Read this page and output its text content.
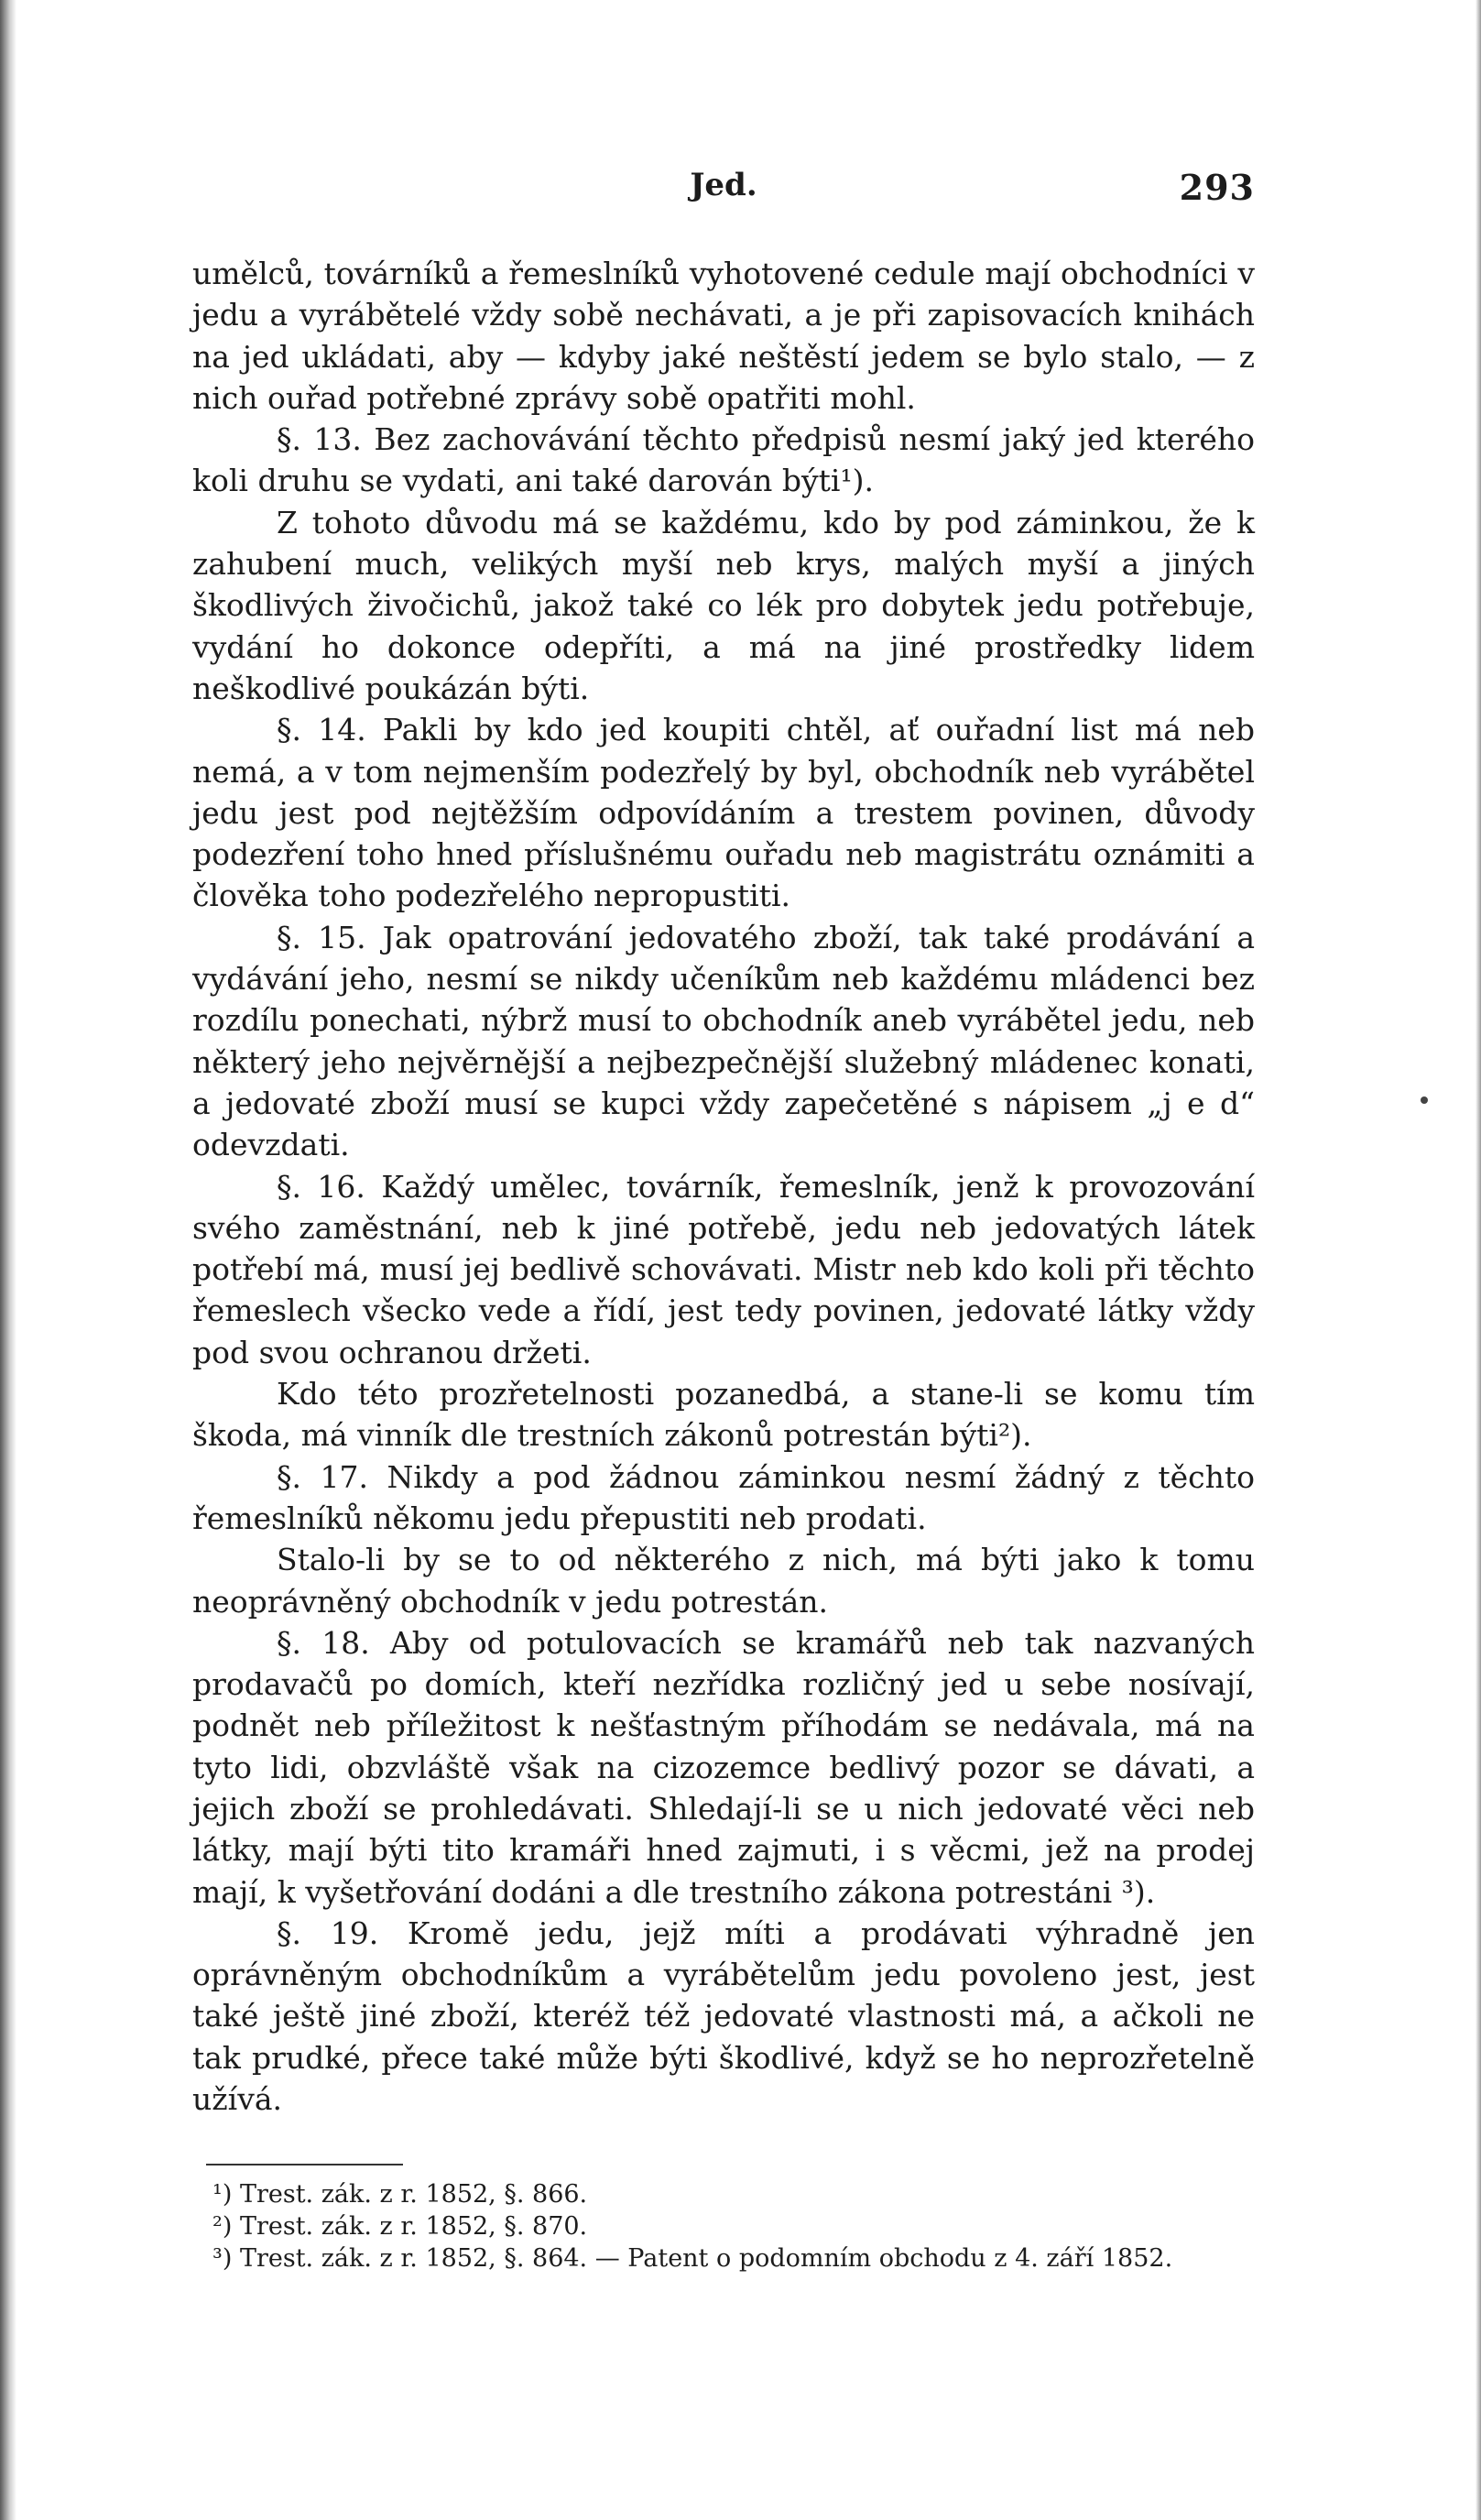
Jed.	293

umělců, továrníků a řemeslníků vyhotovené cedule mají obchodníci v jedu a vyrábětelé vždy sobě nechávati, a je při zapisovacích knihách na jed ukládati, aby — kdyby jaké neštěstí jedem se bylo stalo, — z nich ouřad potřebné zprávy sobě opatřiti mohl.

§. 13. Bez zachovávání těchto předpisů nesmí jaký jed kterého koli druhu se vydati, ani také darován býti¹).

Z tohoto důvodu má se každému, kdo by pod záminkou, že k zahubení much, velikých myší neb krys, malých myší a jiných škodlivých živočichů, jakož také co lék pro dobytek jedu potřebuje, vydání ho dokonce odepříti, a má na jiné prostředky lidem neškodlivé poukázán býti.

§. 14. Pakli by kdo jed koupiti chtěl, ať ouřadní list má neb nemá, a v tom nejmenším podezřelý by byl, obchodník neb vyrábětel jedu jest pod nejtěžším odpovídáním a trestem povinen, důvody podezření toho hned příslušnému ouřadu neb magistrátu oznámiti a člověka toho podezřelého nepropustiti.

§. 15. Jak opatrování jedovatého zboží, tak také prodávání a vydávání jeho, nesmí se nikdy učeníkům neb každému mládenci bez rozdílu ponechati, nýbrž musí to obchodník aneb vyrábětel jedu, neb některý jeho nejvěrnější a nejbezpečnější služebný mládenec konati, a jedovaté zboží musí se kupci vždy zapečetěné s nápisem „j e d“ odevzdati.

§. 16. Každý umělec, továrník, řemeslník, jenž k provozování svého zaměstnání, neb k jiné potřebě, jedu neb jedovatých látek potřebí má, musí jej bedlivě schovávati. Mistr neb kdo koli při těchto řemeslech všecko vede a řídí, jest tedy povinen, jedovaté látky vždy pod svou ochranou držeti.

Kdo této prozřetelnosti pozanedbá, a stane-li se komu tím škoda, má vinník dle trestních zákonů potrestán býti²).

§. 17. Nikdy a pod žádnou záminkou nesmí žádný z těchto řemeslníků někomu jedu přepustiti neb prodati.

Stalo-li by se to od některého z nich, má býti jako k tomu neoprávněný obchodník v jedu potrestán.

§. 18. Aby od potulovacích se kramářů neb tak nazvaných prodavačů po domích, kteří nezřídka rozličný jed u sebe nosívají, podnět neb příležitost k nešťastným příhodám se nedávala, má na tyto lidi, obzvláště však na cizozemce bedlivý pozor se dávati, a jejich zboží se prohledávati. Shledají-li se u nich jedovaté věci neb látky, mají býti tito kramáři hned zajmuti, i s věcmi, jež na prodej mají, k vyšetřování dodáni a dle trestního zákona potrestáni ³).

§. 19. Kromě jedu, jejž míti a prodávati výhradně jen oprávněným obchodníkům a vyrábětelům jedu povoleno jest, jest také ještě jiné zboží, kteréž též jedovaté vlastnosti má, a ačkoli ne tak prudké, přece také může býti škodlivé, když se ho neprozřetelně užívá.

¹) Trest. zák. z r. 1852, §. 866.

²) Trest. zák. z r. 1852, §. 870.

³) Trest. zák. z r. 1852, §. 864. — Patent o podomním obchodu z 4. září 1852.
